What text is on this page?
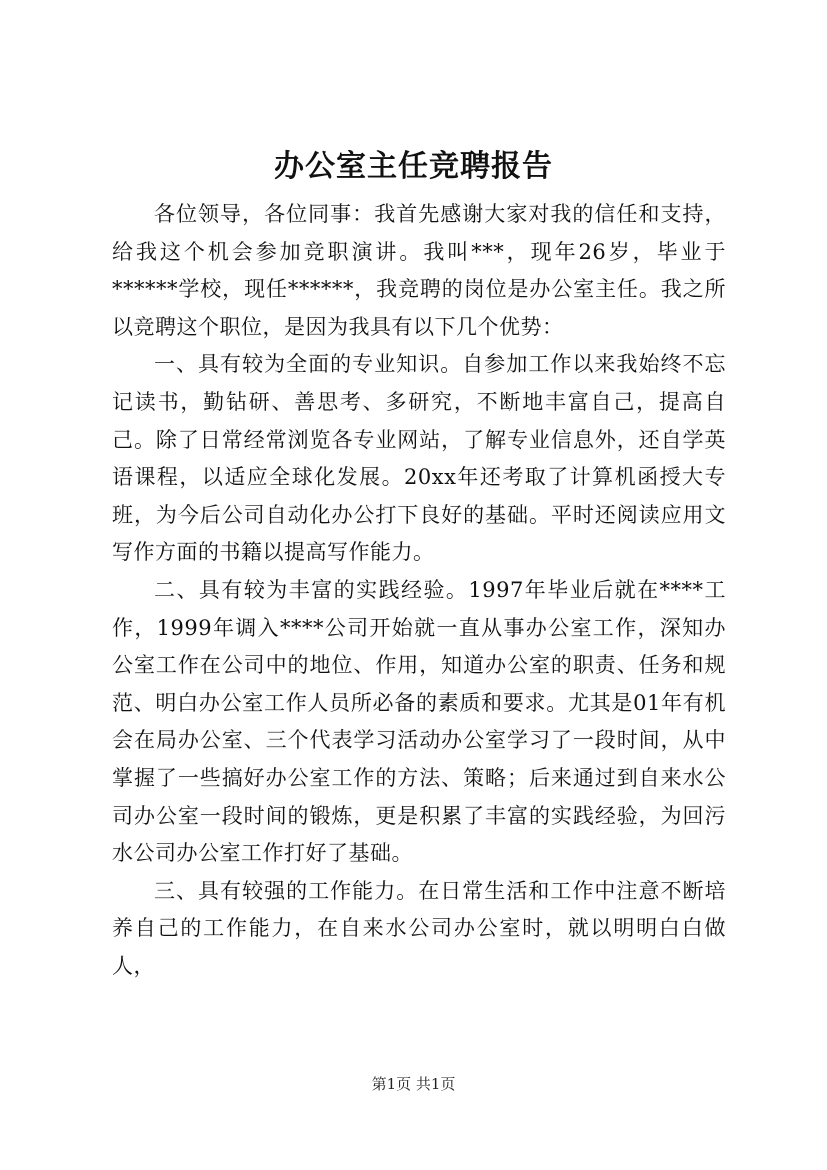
办公室主任竞聘报告

各位领导，各位同事：我首先感谢大家对我的信任和支持，给我这个机会参加竞职演讲。我叫***，现年26岁，毕业于******学校，现任******，我竞聘的岗位是办公室主任。我之所以竞聘这个职位，是因为我具有以下几个优势：

一、具有较为全面的专业知识。自参加工作以来我始终不忘记读书，勤钻研、善思考、多研究，不断地丰富自己，提高自己。除了日常经常浏览各专业网站，了解专业信息外，还自学英语课程，以适应全球化发展。20xx年还考取了计算机函授大专班，为今后公司自动化办公打下良好的基础。平时还阅读应用文写作方面的书籍以提高写作能力。

二、具有较为丰富的实践经验。1997年毕业后就在****工作，1999年调入****公司开始就一直从事办公室工作，深知办公室工作在公司中的地位、作用，知道办公室的职责、任务和规范、明白办公室工作人员所必备的素质和要求。尤其是01年有机会在局办公室、三个代表学习活动办公室学习了一段时间，从中掌握了一些搞好办公室工作的方法、策略；后来通过到自来水公司办公室一段时间的锻炼，更是积累了丰富的实践经验，为回污水公司办公室工作打好了基础。

三、具有较强的工作能力。在日常生活和工作中注意不断培养自己的工作能力，在自来水公司办公室时，就以明明白白做人，

第1页 共1页
